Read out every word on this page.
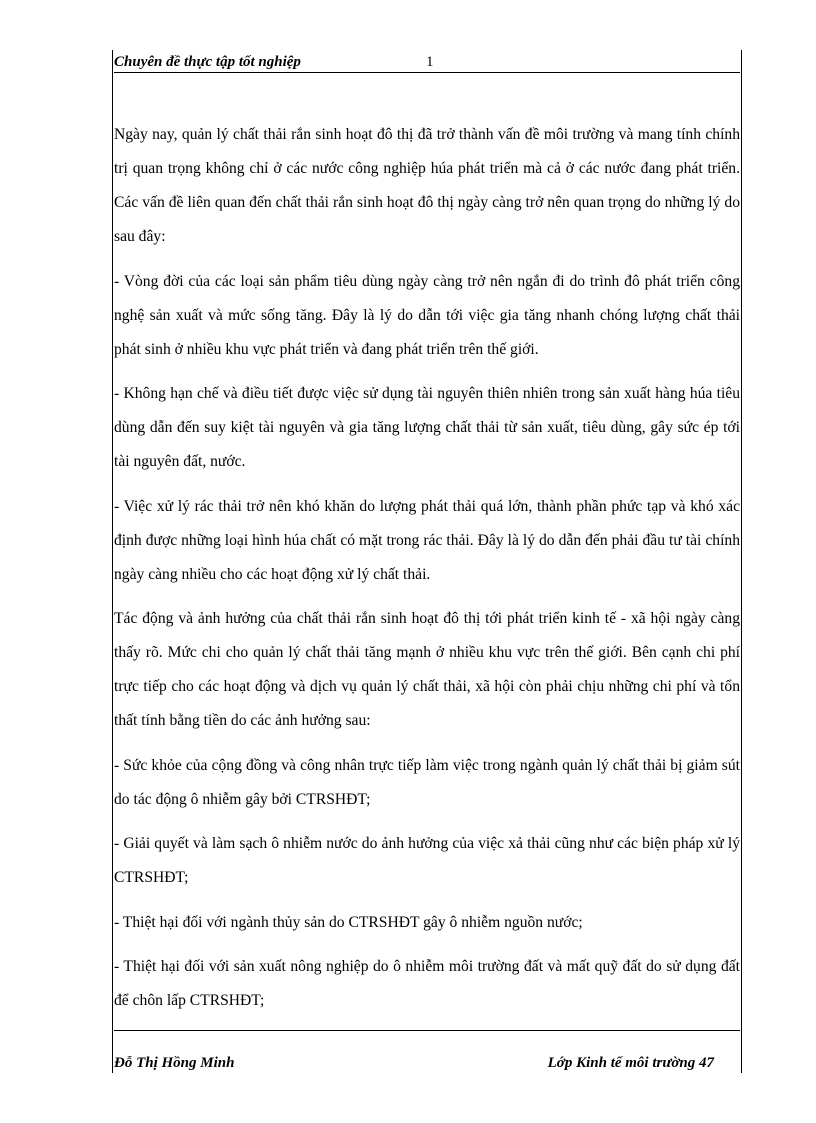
Chuyên đề thực tập tốt nghiệp	1

Ngày nay, quản lý chất thải rắn sinh hoạt đô thị đã trở thành vấn đề môi trường và mang tính chính trị quan trọng không chỉ ở các nước công nghiệp húa phát triển mà cả ở các nước đang phát triển. Các vấn đề liên quan đến chất thải rắn sinh hoạt đô thị ngày càng trở nên quan trọng do những lý do sau đây:

- Vòng đời của các loại sản phẩm tiêu dùng ngày càng trở nên ngắn đi do trình đô phát triển công nghệ sản xuất và mức sống tăng. Đây là lý do dẫn tới việc gia tăng nhanh chóng lượng chất thải phát sinh ở nhiều khu vực phát triển và đang phát triển trên thế giới.

- Không hạn chế và điều tiết được việc sử dụng tài nguyên thiên nhiên trong sản xuất hàng húa tiêu dùng dẫn đến suy kiệt tài nguyên và gia tăng lượng chất thải từ sản xuất, tiêu dùng, gây sức ép tới tài nguyên đất, nước.

- Việc xử lý rác thải trở nên khó khăn do lượng phát thải quá lớn, thành phần phức tạp và khó xác định được những loại hình húa chất có mặt trong rác thải. Đây là lý do dẫn đến phải đầu tư tài chính ngày càng nhiều cho các hoạt động xử lý chất thải.

Tác động và ảnh hưởng của chất thải rắn sinh hoạt đô thị tới phát triển kinh tế - xã hội ngày càng thấy rõ. Mức chi cho quản lý chất thải tăng mạnh ở nhiều khu vực trên thế giới. Bên cạnh chi phí trực tiếp cho các hoạt động và dịch vụ quản lý chất thải, xã hội còn phải chịu những chi phí và tổn thất tính bằng tiền do các ảnh hưởng sau:

- Sức khỏe của cộng đồng và công nhân trực tiếp làm việc trong ngành quản lý chất thải bị giảm sút do tác động ô nhiễm gây bởi CTRSHĐT;

- Giải quyết và làm sạch ô nhiễm nước do ảnh hưởng của việc xả thải cũng như các biện pháp xử lý CTRSHĐT;

- Thiệt hại đối với ngành thủy sản do CTRSHĐT gây ô nhiễm nguồn nước;

- Thiệt hại đối với sản xuất nông nghiệp do ô nhiễm môi trường đất và mất quỹ đất do sử dụng đất để chôn lấp CTRSHĐT;

Đỗ Thị Hồng Minh	Lớp Kinh tế môi trường 47
